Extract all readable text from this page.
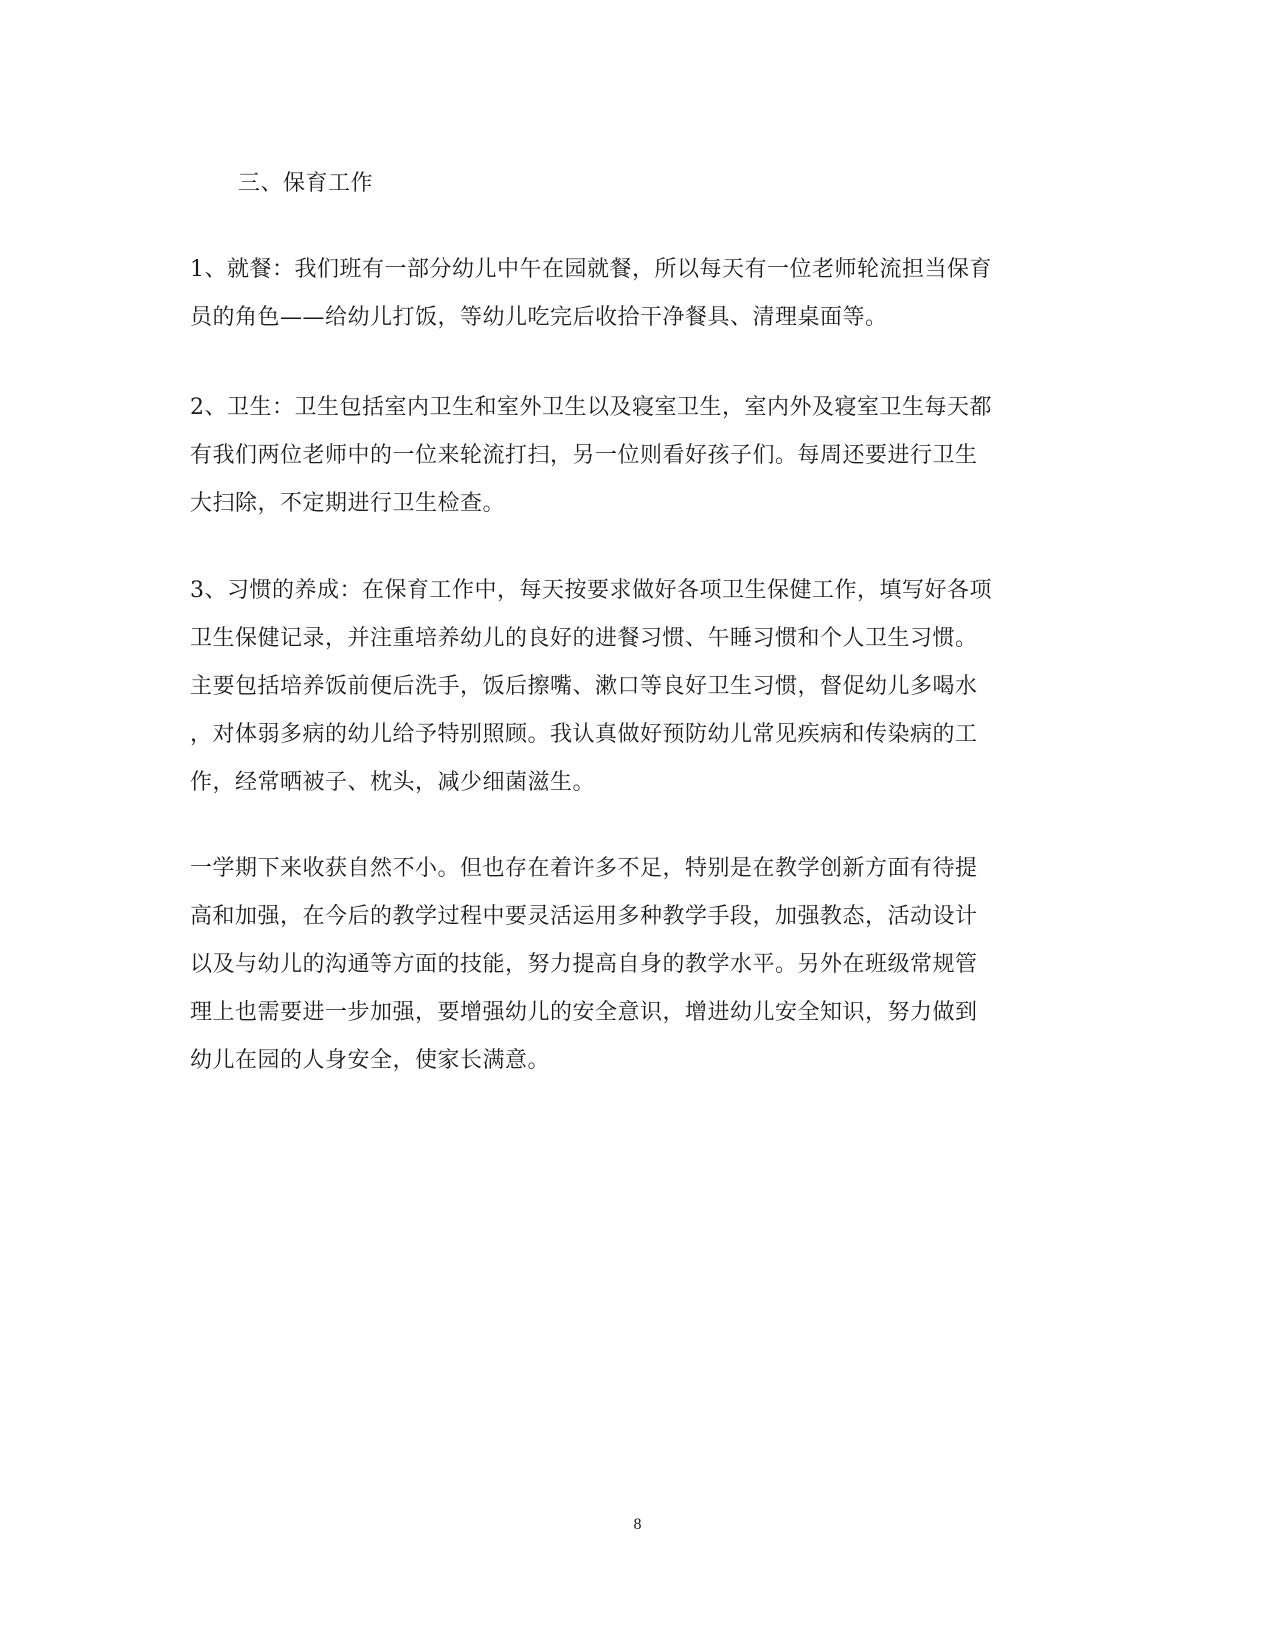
三、保育工作
1、就餐：我们班有一部分幼儿中午在园就餐，所以每天有一位老师轮流担当保育
员的角色——给幼儿打饭，等幼儿吃完后收拾干净餐具、清理桌面等。
2、卫生：卫生包括室内卫生和室外卫生以及寝室卫生，室内外及寝室卫生每天都
有我们两位老师中的一位来轮流打扫，另一位则看好孩子们。每周还要进行卫生
大扫除，不定期进行卫生检查。
3、习惯的养成：在保育工作中，每天按要求做好各项卫生保健工作，填写好各项
卫生保健记录，并注重培养幼儿的良好的进餐习惯、午睡习惯和个人卫生习惯。
主要包括培养饭前便后洗手，饭后擦嘴、漱口等良好卫生习惯，督促幼儿多喝水
，对体弱多病的幼儿给予特别照顾。我认真做好预防幼儿常见疾病和传染病的工
作，经常晒被子、枕头，减少细菌滋生。
一学期下来收获自然不小。但也存在着许多不足，特别是在教学创新方面有待提
高和加强，在今后的教学过程中要灵活运用多种教学手段，加强教态，活动设计
以及与幼儿的沟通等方面的技能，努力提高自身的教学水平。另外在班级常规管
理上也需要进一步加强，要增强幼儿的安全意识，增进幼儿安全知识，努力做到
幼儿在园的人身安全，使家长满意。
8
